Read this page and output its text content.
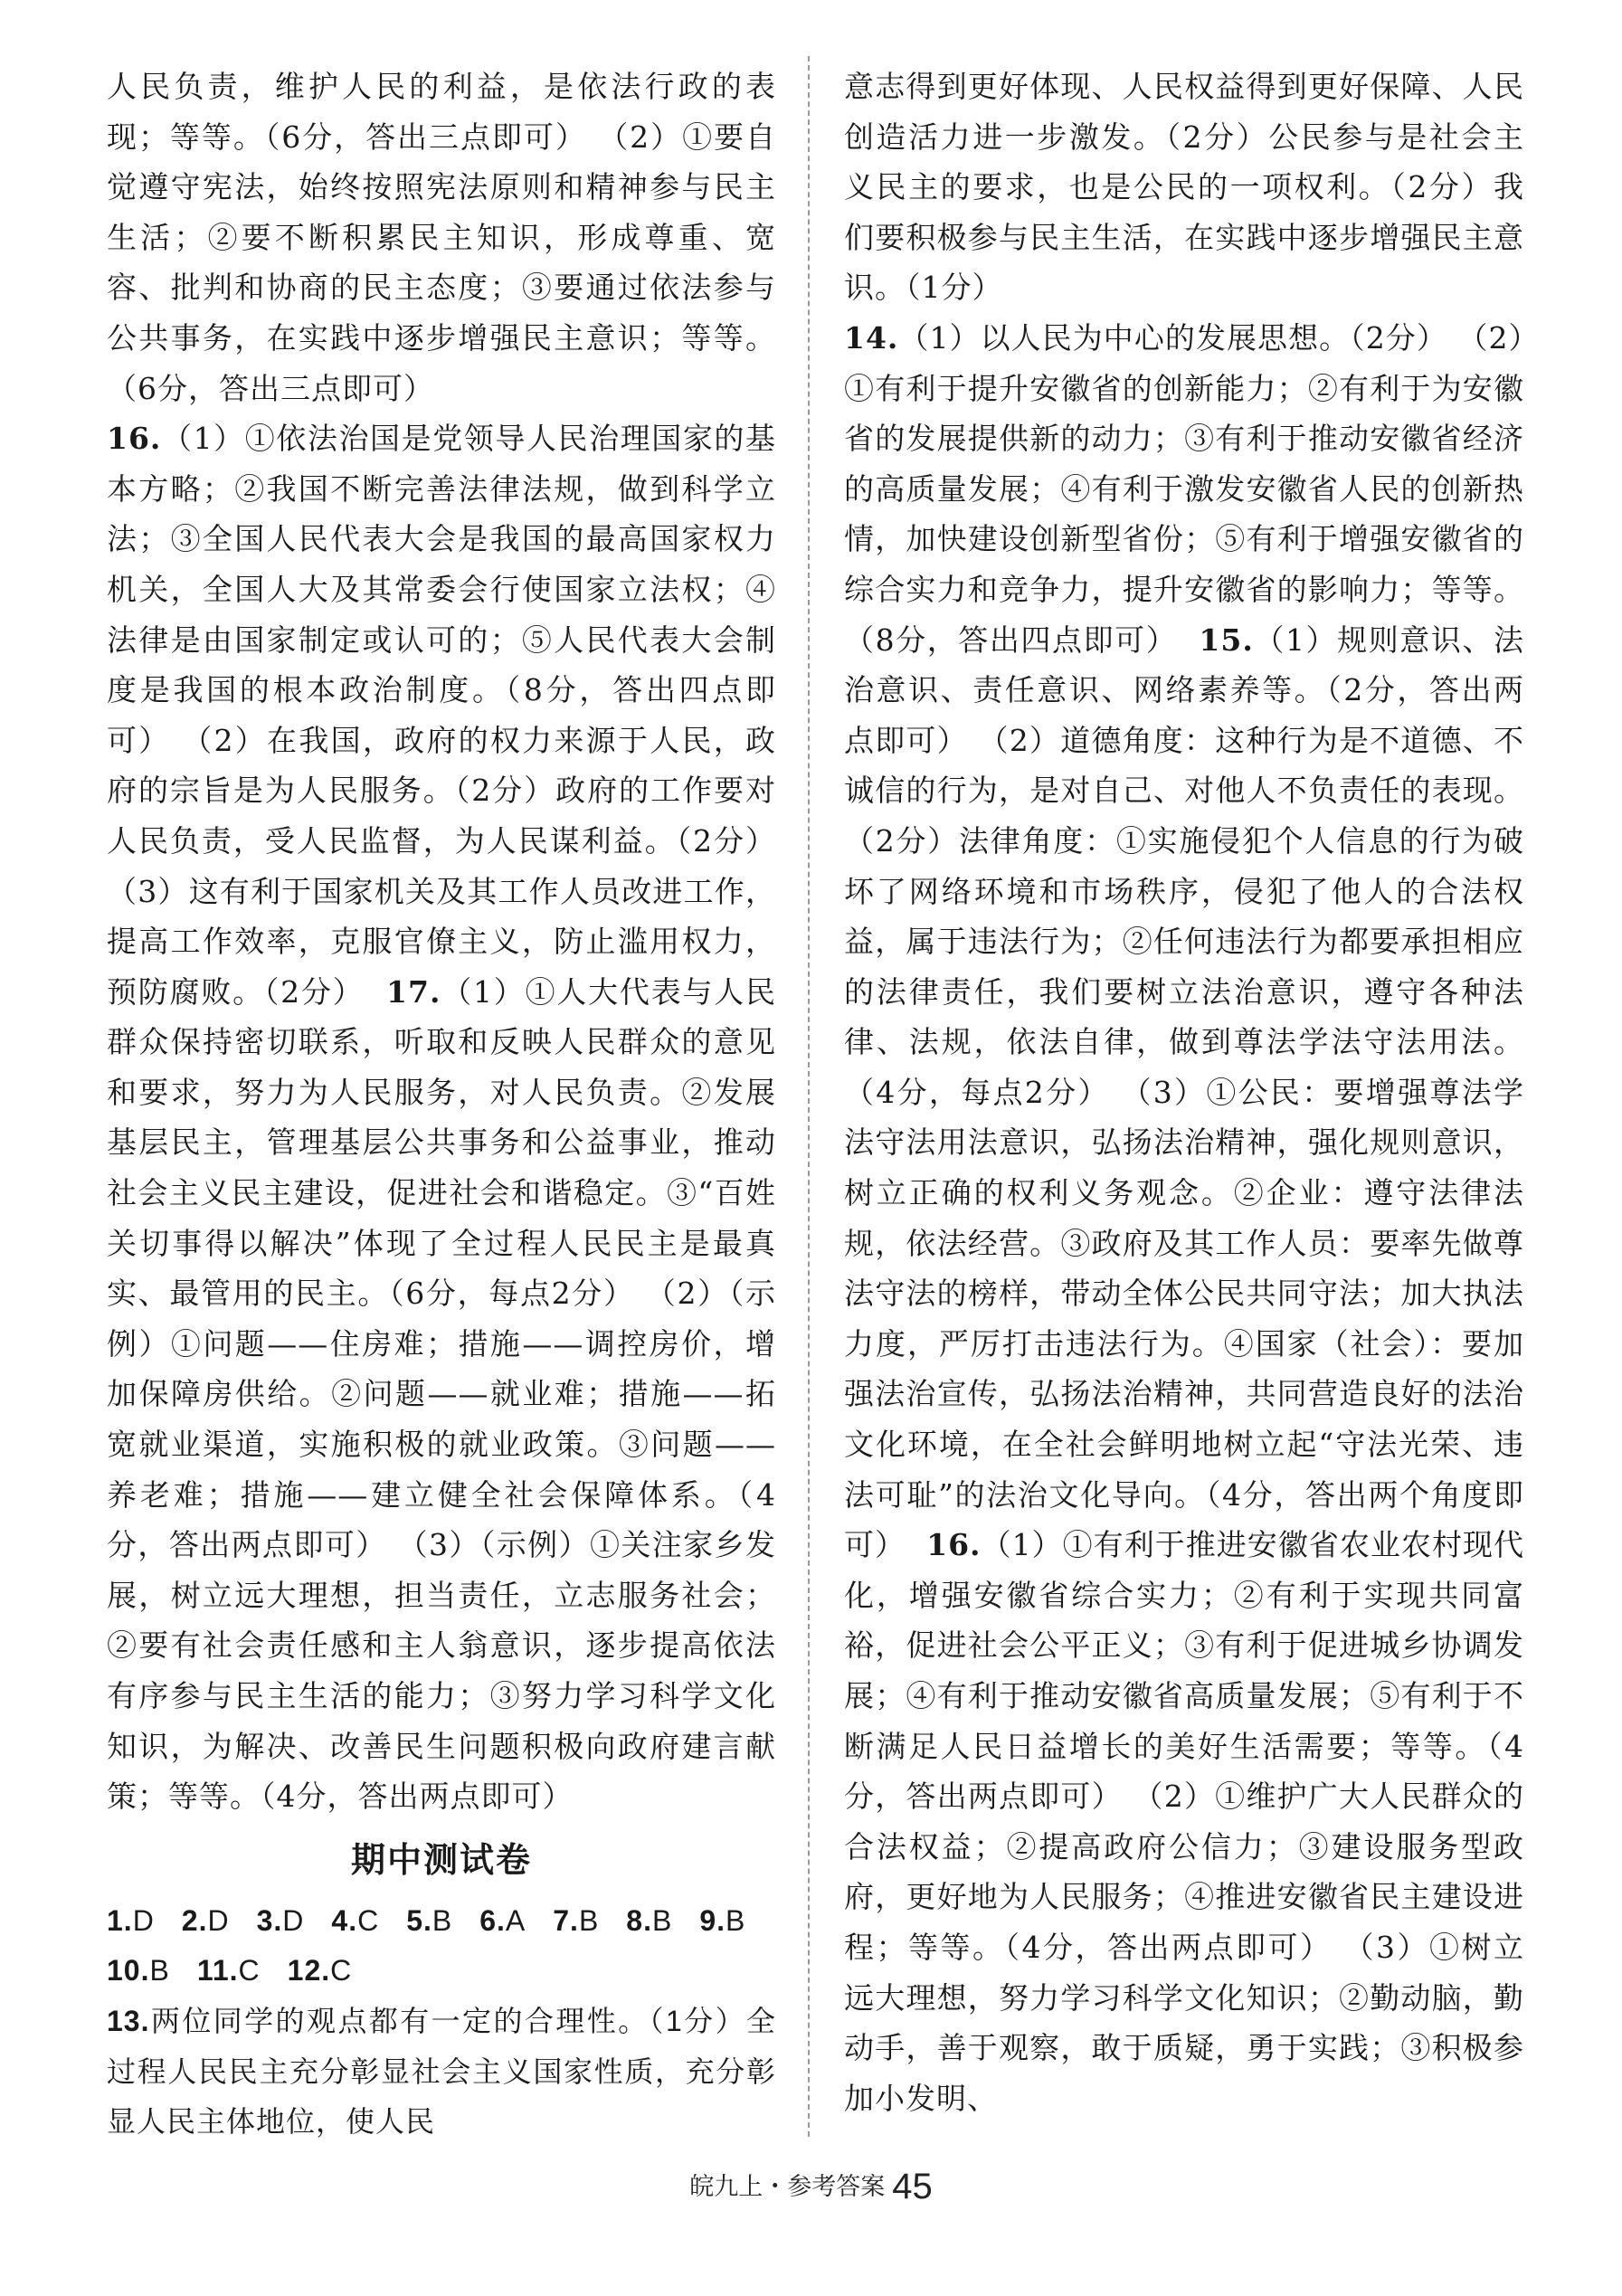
人民负责，维护人民的利益，是依法行政的表现；等等。（6分，答出三点即可） （2）①要自觉遵守宪法，始终按照宪法原则和精神参与民主生活；②要不断积累民主知识，形成尊重、宽容、批判和协商的民主态度；③要通过依法参与公共事务，在实践中逐步增强民主意识；等等。（6分，答出三点即可）

16.（1）①依法治国是党领导人民治理国家的基本方略；②我国不断完善法律法规，做到科学立法；③全国人民代表大会是我国的最高国家权力机关，全国人大及其常委会行使国家立法权；④法律是由国家制定或认可的；⑤人民代表大会制度是我国的根本政治制度。（8分，答出四点即可） （2）在我国，政府的权力来源于人民，政府的宗旨是为人民服务。（2分）政府的工作要对人民负责，受人民监督，为人民谋利益。（2分） （3）这有利于国家机关及其工作人员改进工作，提高工作效率，克服官僚主义，防止滥用权力，预防腐败。（2分） 17.（1）①人大代表与人民群众保持密切联系，听取和反映人民群众的意见和要求，努力为人民服务，对人民负责。②发展基层民主，管理基层公共事务和公益事业，推动社会主义民主建设，促进社会和谐稳定。③“百姓关切事得以解决”体现了全过程人民民主是最真实、最管用的民主。（6分，每点2分） （2）（示例）①问题——住房难；措施——调控房价，增加保障房供给。②问题——就业难；措施——拓宽就业渠道，实施积极的就业政策。③问题——养老难；措施——建立健全社会保障体系。（4分，答出两点即可） （3）（示例）①关注家乡发展，树立远大理想，担当责任，立志服务社会；②要有社会责任感和主人翁意识，逐步提高依法有序参与民主生活的能力；③努力学习科学文化知识，为解决、改善民生问题积极向政府建言献策；等等。（4分，答出两点即可）

期中测试卷
1.D 2.D 3.D 4.C 5.B 6.A 7.B 8.B 9.B
10.B 11.C 12.C
13.两位同学的观点都有一定的合理性。（1分）全过程人民民主充分彰显社会主义国家性质，充分彰显人民主体地位，使人民

意志得到更好体现、人民权益得到更好保障、人民创造活力进一步激发。（2分）公民参与是社会主义民主的要求，也是公民的一项权利。（2分）我们要积极参与民主生活，在实践中逐步增强民主意识。（1分）

14.（1）以人民为中心的发展思想。（2分） （2）①有利于提升安徽省的创新能力；②有利于为安徽省的发展提供新的动力；③有利于推动安徽省经济的高质量发展；④有利于激发安徽省人民的创新热情，加快建设创新型省份；⑤有利于增强安徽省的综合实力和竞争力，提升安徽省的影响力；等等。（8分，答出四点即可） 15.（1）规则意识、法治意识、责任意识、网络素养等。（2分，答出两点即可） （2）道德角度：这种行为是不道德、不诚信的行为，是对自己、对他人不负责任的表现。（2分）法律角度：①实施侵犯个人信息的行为破坏了网络环境和市场秩序，侵犯了他人的合法权益，属于违法行为；②任何违法行为都要承担相应的法律责任，我们要树立法治意识，遵守各种法律、法规，依法自律，做到尊法学法守法用法。（4分，每点2分） （3）①公民：要增强尊法学法守法用法意识，弘扬法治精神，强化规则意识，树立正确的权利义务观念。②企业：遵守法律法规，依法经营。③政府及其工作人员：要率先做尊法守法的榜样，带动全体公民共同守法；加大执法力度，严厉打击违法行为。④国家（社会）：要加强法治宣传，弘扬法治精神，共同营造良好的法治文化环境，在全社会鲜明地树立起“守法光荣、违法可耻”的法治文化导向。（4分，答出两个角度即可） 16.（1）①有利于推进安徽省农业农村现代化，增强安徽省综合实力；②有利于实现共同富裕，促进社会公平正义；③有利于促进城乡协调发展；④有利于推动安徽省高质量发展；⑤有利于不断满足人民日益增长的美好生活需要；等等。（4分，答出两点即可） （2）①维护广大人民群众的合法权益；②提高政府公信力；③建设服务型政府，更好地为人民服务；④推进安徽省民主建设进程；等等。（4分，答出两点即可） （3）①树立远大理想，努力学习科学文化知识；②勤动脑，勤动手，善于观察，敢于质疑，勇于实践；③积极参加小发明、

皖九上・参考答案 45
